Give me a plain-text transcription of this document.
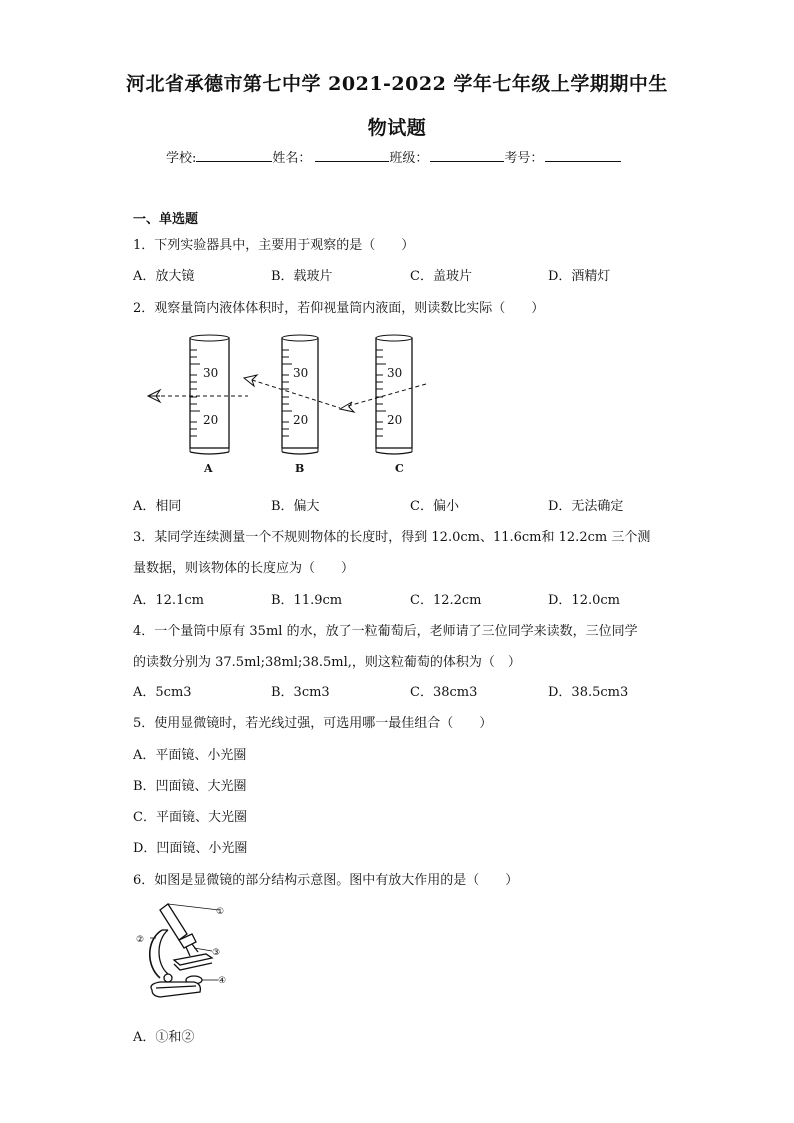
河北省承德市第七中学 2021-2022 学年七年级上学期期中生
物试题
学校:	姓名：	班级：	考号：
一、单选题
1．下列实验器具中，主要用于观察的是（　　）
A．放大镜	B．载玻片	C．盖玻片	D．酒精灯
2．观察量筒内液体体积时，若仰视量筒内液面，则读数比实际（　　）
30
20
A
30
20
B
30
20
C
A．相同	B．偏大	C．偏小	D．无法确定
3．某同学连续测量一个不规则物体的长度时，得到 12.0cm、11.6cm和 12.2cm 三个测
量数据，则该物体的长度应为（　　）
A．12.1cm	B．11.9cm	C．12.2cm	D．12.0cm
4．一个量筒中原有 35ml 的水，放了一粒葡萄后，老师请了三位同学来读数，三位同学
的读数分别为 37.5ml;38ml;38.5ml,，则这粒葡萄的体积为（　）
A．5cm3	B．3cm3	C．38cm3	D．38.5cm3
5．使用显微镜时，若光线过强，可选用哪一最佳组合（　　）
A．平面镜、小光圈
B．凹面镜、大光圈
C．平面镜、大光圈
D．凹面镜、小光圈
6．如图是显微镜的部分结构示意图。图中有放大作用的是（　　）
①
②
③
④
A．①和②
